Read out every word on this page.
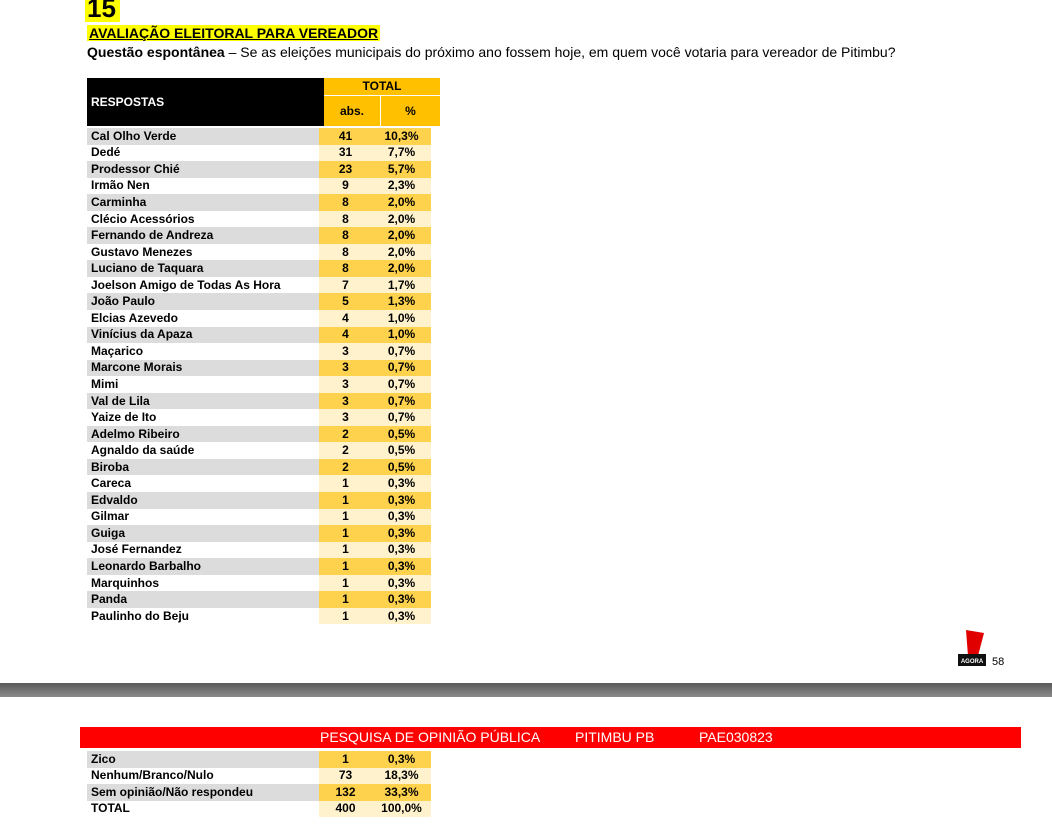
15
AVALIAÇÃO ELEITORAL PARA VEREADOR
Questão espontânea – Se as eleições municipais do próximo ano fossem hoje, em quem você votaria para vereador de Pitimbu?
RESPOSTAS
TOTAL
abs.	%
Cal Olho Verde	41	10,3%
Dedé	31	7,7%
Prodessor Chié	23	5,7%
Irmão Nen	9	2,3%
Carminha	8	2,0%
Clécio Acessórios	8	2,0%
Fernando de Andreza	8	2,0%
Gustavo Menezes	8	2,0%
Luciano de Taquara	8	2,0%
Joelson Amigo de Todas As Hora	7	1,7%
João Paulo	5	1,3%
Elcias Azevedo	4	1,0%
Vinícius da Apaza	4	1,0%
Maçarico	3	0,7%
Marcone Morais	3	0,7%
Mimi	3	0,7%
Val de Lila	3	0,7%
Yaize de Ito	3	0,7%
Adelmo Ribeiro	2	0,5%
Agnaldo da saúde	2	0,5%
Biroba	2	0,5%
Careca	1	0,3%
Edvaldo	1	0,3%
Gilmar	1	0,3%
Guiga	1	0,3%
José Fernandez	1	0,3%
Leonardo Barbalho	1	0,3%
Marquinhos	1	0,3%
Panda	1	0,3%
Paulinho do Beju	1	0,3%
AGORA 58
PESQUISA DE OPINIÃO PÚBLICA PITIMBU PB	PAE030823
Zico	1	0,3%
Nenhum/Branco/Nulo	73	18,3%
Sem opinião/Não respondeu	132	33,3%
TOTAL	400	100,0%
